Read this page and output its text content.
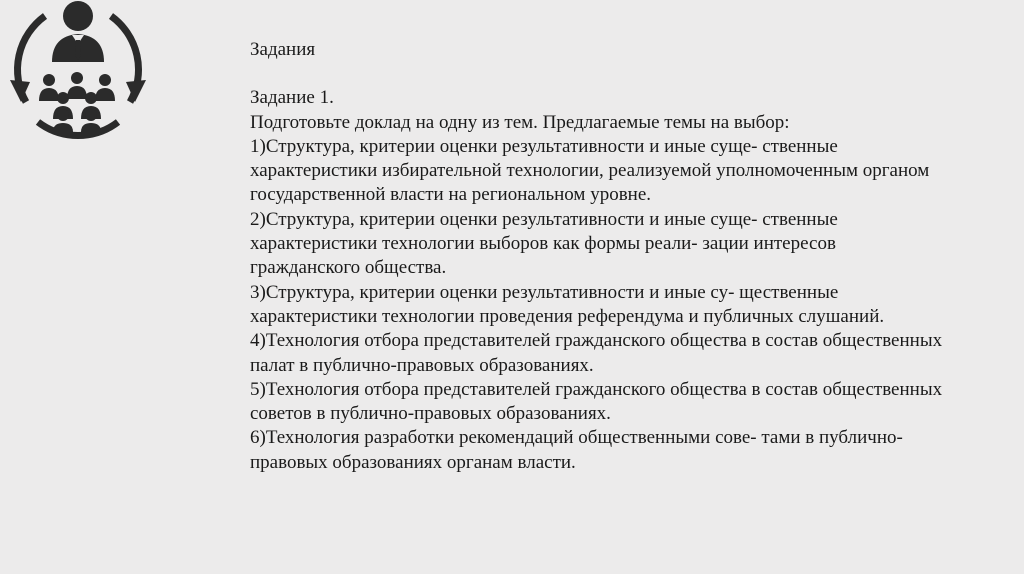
Задания
Задание 1.
Подготовьте доклад на одну из тем. Предлагаемые темы на выбор:
1)Структура, критерии оценки результативности и иные суще- ственные характеристики избирательной технологии, реализуемой уполномоченным органом государственной власти на региональном уровне.
2)Структура, критерии оценки результативности и иные суще- ственные характеристики технологии выборов как формы реали- зации интересов гражданского общества.
3)Структура, критерии оценки результативности и иные су- щественные характеристики технологии проведения референдума и публичных слушаний.
4)Технология отбора представителей гражданского общества в состав общественных палат в публично-правовых образованиях.
5)Технология отбора представителей гражданского общества в состав общественных советов в публично-правовых образованиях.
6)Технология разработки рекомендаций общественными сове- тами в публично-правовых образованиях органам власти.
